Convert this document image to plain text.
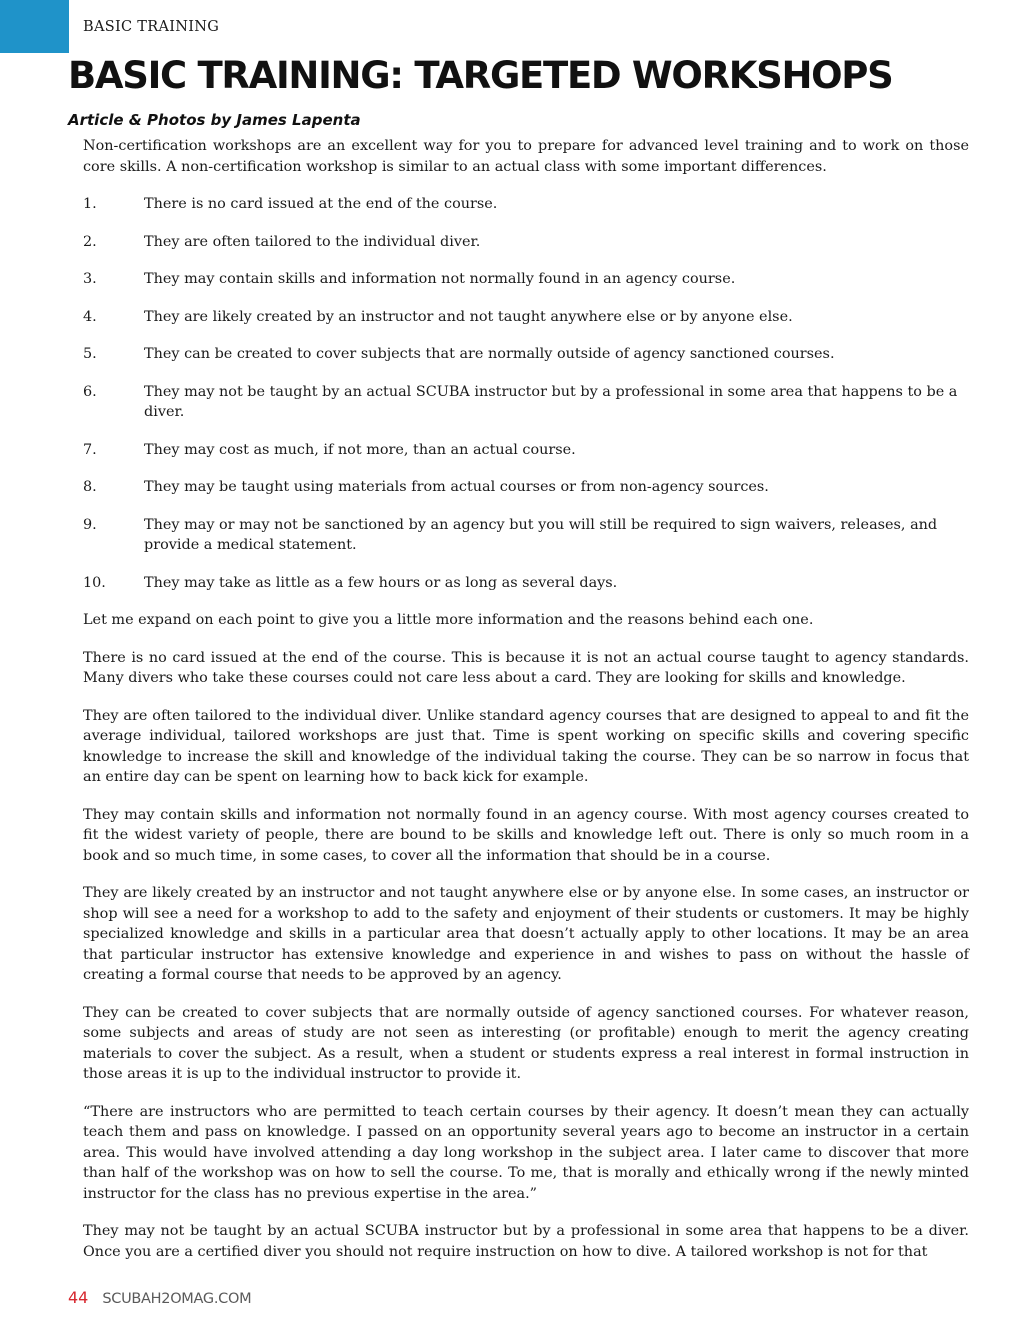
BASIC TRAINING
BASIC TRAINING: TARGETED WORKSHOPS
Article & Photos by James Lapenta

Non-certification workshops are an excellent way for you to prepare for advanced level training and to work on those core skills. A non-certification workshop is similar to an actual class with some important differences.

1.	There is no card issued at the end of the course.
2.	They are often tailored to the individual diver.
3.	They may contain skills and information not normally found in an agency course.
4.	They are likely created by an instructor and not taught anywhere else or by anyone else.
5.	They can be created to cover subjects that are normally outside of agency sanctioned courses.
6.	They may not be taught by an actual SCUBA instructor but by a professional in some area that happens to be a diver.
7.	They may cost as much, if not more, than an actual course.
8.	They may be taught using materials from actual courses or from non-agency sources.
9.	They may or may not be sanctioned by an agency but you will still be required to sign waivers, releases, and provide a medical statement.
10.	They may take as little as a few hours or as long as several days.

Let me expand on each point to give you a little more information and the reasons behind each one.

There is no card issued at the end of the course. This is because it is not an actual course taught to agency standards. Many divers who take these courses could not care less about a card. They are looking for skills and knowledge.

They are often tailored to the individual diver. Unlike standard agency courses that are designed to appeal to and fit the average individual, tailored workshops are just that. Time is spent working on specific skills and covering specific knowledge to increase the skill and knowledge of the individual taking the course. They can be so narrow in focus that an entire day can be spent on learning how to back kick for example.

They may contain skills and information not normally found in an agency course. With most agency courses created to fit the widest variety of people, there are bound to be skills and knowledge left out. There is only so much room in a book and so much time, in some cases, to cover all the information that should be in a course.

They are likely created by an instructor and not taught anywhere else or by anyone else. In some cases, an instructor or shop will see a need for a workshop to add to the safety and enjoyment of their students or customers. It may be highly specialized knowledge and skills in a particular area that doesn’t actually apply to other locations. It may be an area that particular instructor has extensive knowledge and experience in and wishes to pass on without the hassle of creating a formal course that needs to be approved by an agency.

They can be created to cover subjects that are normally outside of agency sanctioned courses. For whatever reason, some subjects and areas of study are not seen as interesting (or profitable) enough to merit the agency creating materials to cover the subject. As a result, when a student or students express a real interest in formal instruction in those areas it is up to the individual instructor to provide it.

“There are instructors who are permitted to teach certain courses by their agency. It doesn’t mean they can actually teach them and pass on knowledge. I passed on an opportunity several years ago to become an instructor in a certain area. This would have involved attending a day long workshop in the subject area. I later came to discover that more than half of the workshop was on how to sell the course. To me, that is morally and ethically wrong if the newly minted instructor for the class has no previous expertise in the area.”

They may not be taught by an actual SCUBA instructor but by a professional in some area that happens to be a diver. Once you are a certified diver you should not require instruction on how to dive. A tailored workshop is not for that

44 SCUBAH2OMAG.COM
